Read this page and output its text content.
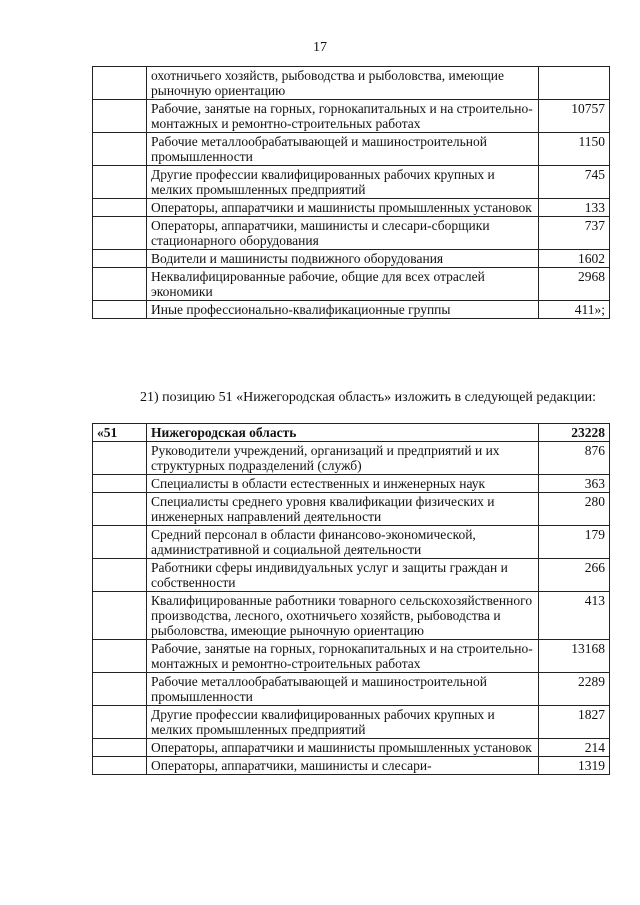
17
	охотничьего хозяйств, рыбоводства и рыболовства, имеющие рыночную ориентацию	
	Рабочие, занятые на горных, горнокапитальных и на строительно-монтажных и ремонтно-строительных работах	10757
	Рабочие металлообрабатывающей и машиностроительной промышленности	1150
	Другие профессии квалифицированных рабочих крупных и мелких промышленных предприятий	745
	Операторы, аппаратчики и машинисты промышленных установок	133
	Операторы, аппаратчики, машинисты и слесари-сборщики стационарного оборудования	737
	Водители и машинисты подвижного оборудования	1602
	Неквалифицированные рабочие, общие для всех отраслей экономики	2968
	Иные профессионально-квалификационные группы	411»;
21) позицию 51 «Нижегородская область» изложить в следующей редакции:
«51	Нижегородская область	23228
	Руководители учреждений, организаций и предприятий и их структурных подразделений (служб)	876
	Специалисты в области естественных и инженерных наук	363
	Специалисты среднего уровня квалификации физических и инженерных направлений деятельности	280
	Средний персонал в области финансово-экономической, административной и социальной деятельности	179
	Работники сферы индивидуальных услуг и защиты граждан и собственности	266
	Квалифицированные работники товарного сельскохозяйственного производства, лесного, охотничьего хозяйств, рыбоводства и рыболовства, имеющие рыночную ориентацию	413
	Рабочие, занятые на горных, горнокапитальных и на строительно-монтажных и ремонтно-строительных работах	13168
	Рабочие металлообрабатывающей и машиностроительной промышленности	2289
	Другие профессии квалифицированных рабочих крупных и мелких промышленных предприятий	1827
	Операторы, аппаратчики и машинисты промышленных установок	214
	Операторы, аппаратчики, машинисты и слесари-	1319
